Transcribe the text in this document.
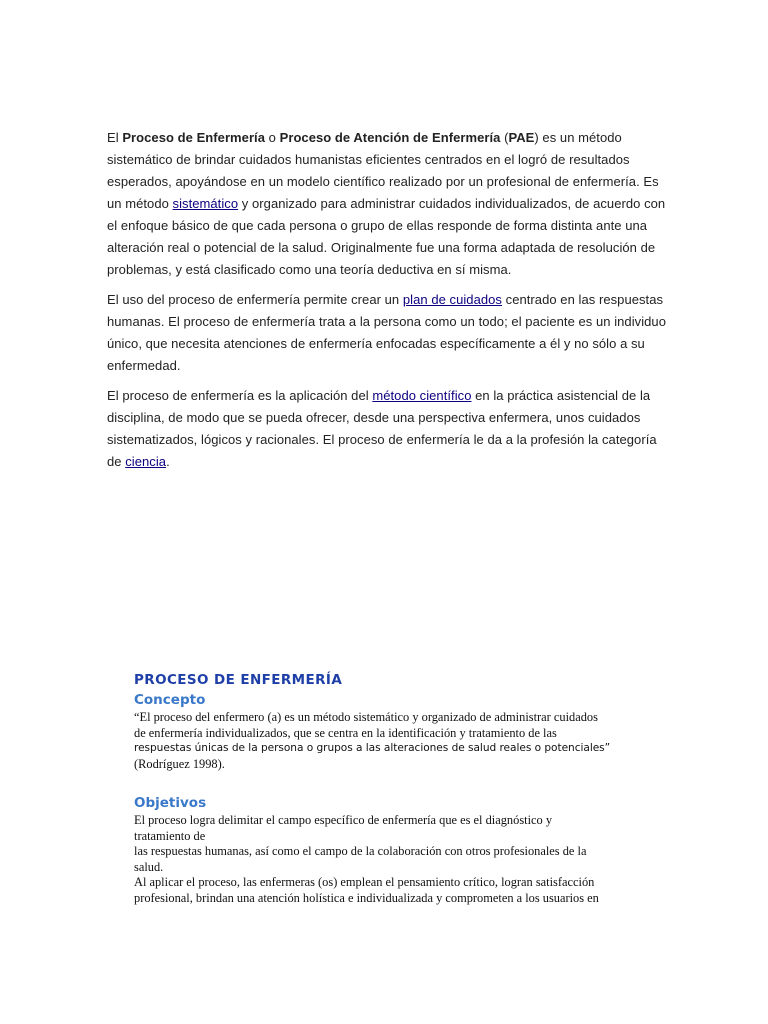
El Proceso de Enfermería o Proceso de Atención de Enfermería (PAE) es un método sistemático de brindar cuidados humanistas eficientes centrados en el logró de resultados esperados, apoyándose en un modelo científico realizado por un profesional de enfermería. Es un método sistemático y organizado para administrar cuidados individualizados, de acuerdo con el enfoque básico de que cada persona o grupo de ellas responde de forma distinta ante una alteración real o potencial de la salud. Originalmente fue una forma adaptada de resolución de problemas, y está clasificado como una teoría deductiva en sí misma.

El uso del proceso de enfermería permite crear un plan de cuidados centrado en las respuestas humanas. El proceso de enfermería trata a la persona como un todo; el paciente es un individuo único, que necesita atenciones de enfermería enfocadas específicamente a él y no sólo a su enfermedad.

El proceso de enfermería es la aplicación del método científico en la práctica asistencial de la disciplina, de modo que se pueda ofrecer, desde una perspectiva enfermera, unos cuidados sistematizados, lógicos y racionales. El proceso de enfermería le da a la profesión la categoría de ciencia.

PROCESO DE ENFERMERÍA
Concepto
“El proceso del enfermero (a) es un método sistemático y organizado de administrar cuidados
de enfermería individualizados, que se centra en la identificación y tratamiento de las
respuestas únicas de la persona o grupos a las alteraciones de salud reales o potenciales”
(Rodríguez 1998).
Objetivos
El proceso logra delimitar el campo específico de enfermería que es el diagnóstico y
tratamiento de
las respuestas humanas, así como el campo de la colaboración con otros profesionales de la
salud.
Al aplicar el proceso, las enfermeras (os) emplean el pensamiento crítico, logran satisfacción
profesional, brindan una atención holística e individualizada y comprometen a los usuarios en
